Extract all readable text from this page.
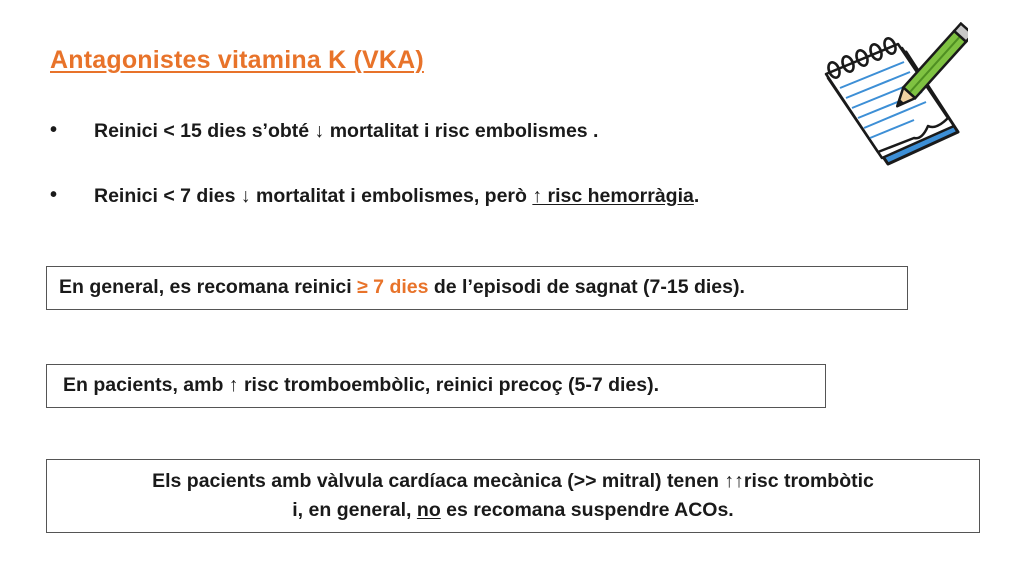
Antagonistes vitamina K (VKA)
• Reinici < 15 dies s’obté ↓ mortalitat i risc embolismes .
• Reinici < 7 dies ↓ mortalitat i embolismes, però ↑ risc hemorràgia.
En general, es recomana reinici ≥ 7 dies de l’episodi de sagnat (7-15 dies).
En pacients, amb ↑ risc tromboembòlic, reinici precoç (5-7 dies).
Els pacients amb vàlvula cardíaca mecànica (>> mitral) tenen ↑↑risc trombòtic
i, en general, no es recomana suspendre ACOs.
